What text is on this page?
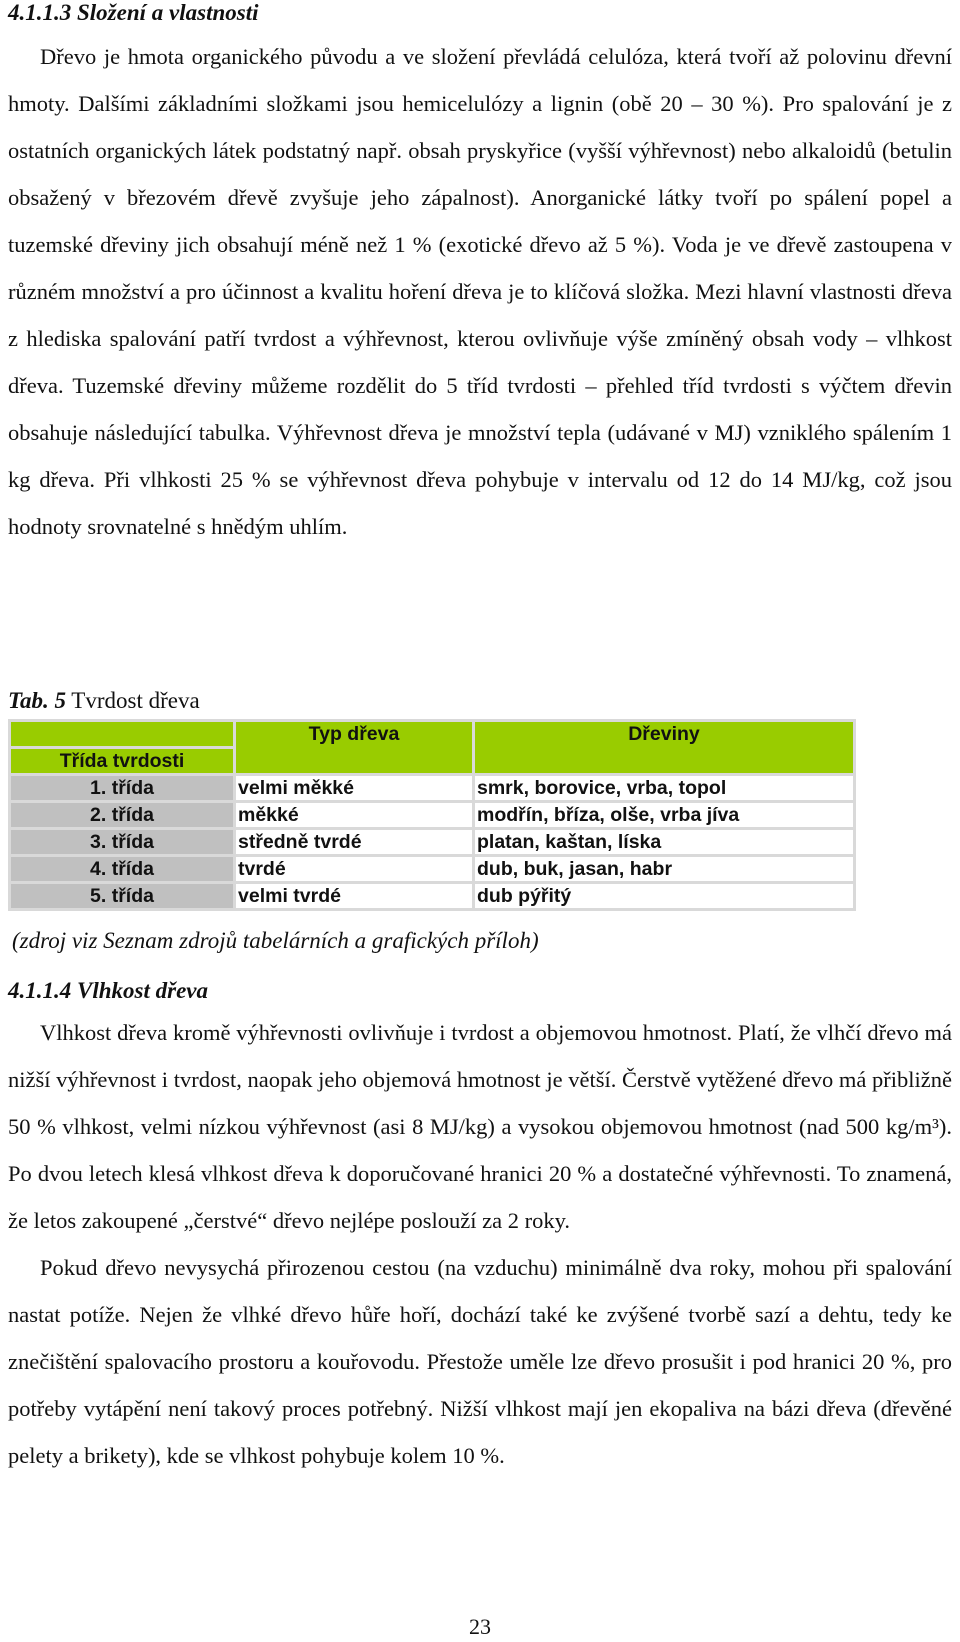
4.1.1.3 Složení a vlastnosti

Dřevo je hmota organického původu a ve složení převládá celulóza, která tvoří až polovinu dřevní hmoty. Dalšími základními složkami jsou hemicelulózy a lignin (obě 20 – 30 %). Pro spalování je z ostatních organických látek podstatný např. obsah pryskyřice (vyšší výhřevnost) nebo alkaloidů (betulin obsažený v březovém dřevě zvyšuje jeho zápalnost). Anorganické látky tvoří po spálení popel a tuzemské dřeviny jich obsahují méně než 1 % (exotické dřevo až 5 %). Voda je ve dřevě zastoupena v různém množství a pro účinnost a kvalitu hoření dřeva je to klíčová složka. Mezi hlavní vlastnosti dřeva z hlediska spalování patří tvrdost a výhřevnost, kterou ovlivňuje výše zmíněný obsah vody – vlhkost dřeva. Tuzemské dřeviny můžeme rozdělit do 5 tříd tvrdosti – přehled tříd tvrdosti s výčtem dřevin obsahuje následující tabulka. Výhřevnost dřeva je množství tepla (udávané v MJ) vzniklého spálením 1 kg dřeva. Při vlhkosti 25 % se výhřevnost dřeva pohybuje v intervalu od 12 do 14 MJ/kg, což jsou hodnoty srovnatelné s hnědým uhlím.

Tab. 5 Tvrdost dřeva
	Typ dřeva	Dřeviny
Třída tvrdosti		
1. třída	velmi měkké	smrk, borovice, vrba, topol
2. třída	měkké	modřín, bříza, olše, vrba jíva
3. třída	středně tvrdé	platan, kaštan, líska
4. třída	tvrdé	dub, buk, jasan, habr
5. třída	velmi tvrdé	dub pýřitý
(zdroj viz Seznam zdrojů tabelárních a grafických příloh)
4.1.1.4 Vlhkost dřeva

Vlhkost dřeva kromě výhřevnosti ovlivňuje i tvrdost a objemovou hmotnost. Platí, že vlhčí dřevo má nižší výhřevnost i tvrdost, naopak jeho objemová hmotnost je větší. Čerstvě vytěžené dřevo má přibližně 50 % vlhkost, velmi nízkou výhřevnost (asi 8 MJ/kg) a vysokou objemovou hmotnost (nad 500 kg/m³). Po dvou letech klesá vlhkost dřeva k doporučované hranici 20 % a dostatečné výhřevnosti. To znamená, že letos zakoupené „čerstvé“ dřevo nejlépe poslouží za 2 roky.

Pokud dřevo nevysychá přirozenou cestou (na vzduchu) minimálně dva roky, mohou při spalování nastat potíže. Nejen že vlhké dřevo hůře hoří, dochází také ke zvýšené tvorbě sazí a dehtu, tedy ke znečištění spalovacího prostoru a kouřovodu. Přestože uměle lze dřevo prosušit i pod hranici 20 %, pro potřeby vytápění není takový proces potřebný. Nižší vlhkost mají jen ekopaliva na bázi dřeva (dřevěné pelety a brikety), kde se vlhkost pohybuje kolem 10 %.

23
